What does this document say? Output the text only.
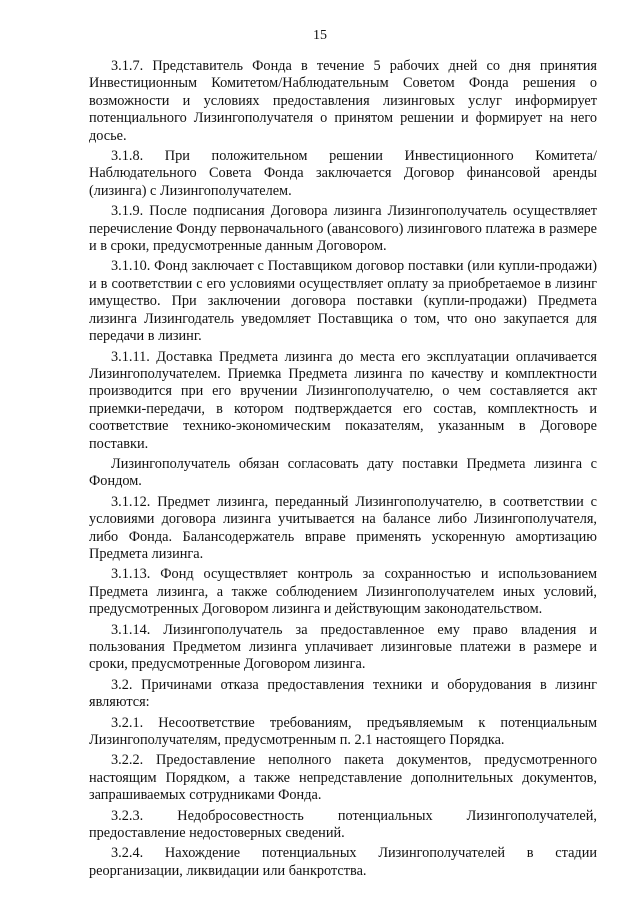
15

3.1.7. Представитель Фонда в течение 5 рабочих дней со дня принятия Инвестиционным Комитетом/Наблюдательным Советом Фонда решения о возможности и условиях предоставления лизинговых услуг информирует потенциального Лизингополучателя о принятом решении и формирует на него досье.

3.1.8. При положительном решении Инвестиционного Комитета/Наблюдательного Совета Фонда заключается Договор финансовой аренды (лизинга) с Лизингополучателем.

3.1.9. После подписания Договора лизинга Лизингополучатель осуществляет перечисление Фонду первоначального (авансового) лизингового платежа в размере и в сроки, предусмотренные данным Договором.

3.1.10. Фонд заключает с Поставщиком договор поставки (или купли-продажи) и в соответствии с его условиями осуществляет оплату за приобретаемое в лизинг имущество. При заключении договора поставки (купли-продажи) Предмета лизинга Лизингодатель уведомляет Поставщика о том, что оно закупается для передачи в лизинг.

3.1.11. Доставка Предмета лизинга до места его эксплуатации оплачивается Лизингополучателем. Приемка Предмета лизинга по качеству и комплектности производится при его вручении Лизингополучателю, о чем составляется акт приемки-передачи, в котором подтверждается его состав, комплектность и соответствие технико-экономическим показателям, указанным в Договоре поставки.

Лизингополучатель обязан согласовать дату поставки Предмета лизинга с Фондом.

3.1.12. Предмет лизинга, переданный Лизингополучателю, в соответствии с условиями договора лизинга учитывается на балансе либо Лизингополучателя, либо Фонда. Балансодержатель вправе применять ускоренную амортизацию Предмета лизинга.

3.1.13. Фонд осуществляет контроль за сохранностью и использованием Предмета лизинга, а также соблюдением Лизингополучателем иных условий, предусмотренных Договором лизинга и действующим законодательством.

3.1.14. Лизингополучатель за предоставленное ему право владения и пользования Предметом лизинга уплачивает лизинговые платежи в размере и сроки, предусмотренные Договором лизинга.

3.2. Причинами отказа предоставления техники и оборудования в лизинг являются:

3.2.1. Несоответствие требованиям, предъявляемым к потенциальным Лизингополучателям, предусмотренным п. 2.1 настоящего Порядка.

3.2.2. Предоставление неполного пакета документов, предусмотренного настоящим Порядком, а также непредставление дополнительных документов, запрашиваемых сотрудниками Фонда.

3.2.3. Недобросовестность потенциальных Лизингополучателей, предоставление недостоверных сведений.

3.2.4. Нахождение потенциальных Лизингополучателей в стадии реорганизации, ликвидации или банкротства.
